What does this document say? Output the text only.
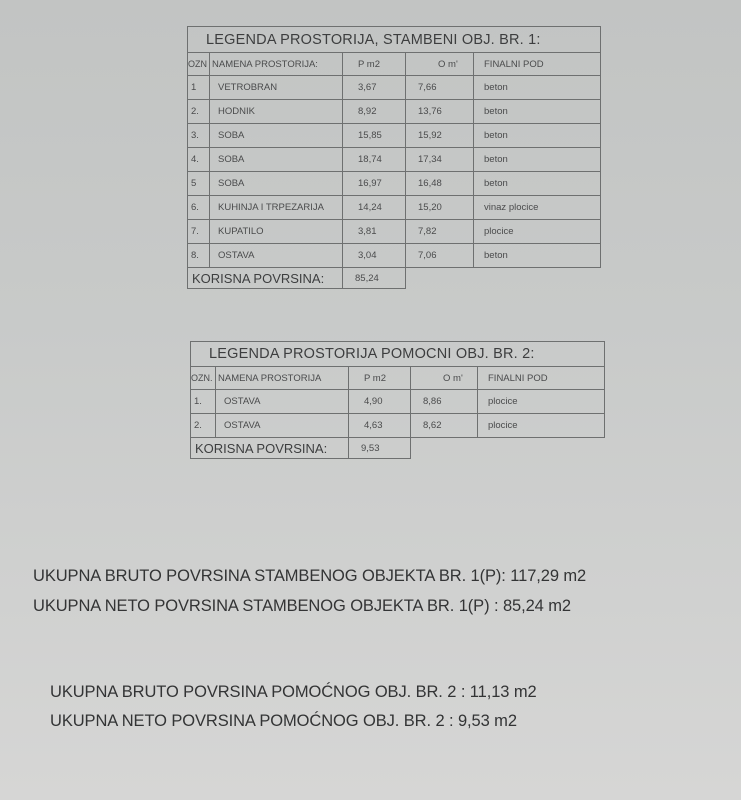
LEGENDA PROSTORIJA, STAMBENI OBJ. BR. 1:				
OZN	NAMENA PROSTORIJA:	P m2	O m'	FINALNI POD
1	VETROBRAN	3,67	7,66	beton
2.	HODNIK	8,92	13,76	beton
3.	SOBA	15,85	15,92	beton
4.	SOBA	18,74	17,34	beton
5	SOBA	16,97	16,48	beton
6.	KUHINJA I TRPEZARIJA	14,24	15,20	vinaz plocice
7.	KUPATILO	3,81	7,82	plocice
8.	OSTAVA	3,04	7,06	beton
KORISNA POVRSINA:		85,24		
LEGENDA PROSTORIJA POMOCNI OBJ. BR. 2:				
OZN.	NAMENA PROSTORIJA	P m2	O m'	FINALNI POD
1.	OSTAVA	4,90	8,86	plocice
2.	OSTAVA	4,63	8,62	plocice
KORISNA POVRSINA:		9,53		
UKUPNA BRUTO POVRSINA STAMBENOG OBJEKTA BR. 1(P): 117,29 m2
UKUPNA NETO POVRSINA STAMBENOG OBJEKTA BR. 1(P) : 85,24 m2
UKUPNA BRUTO POVRSINA POMOĆNOG OBJ. BR. 2 : 11,13 m2
UKUPNA NETO POVRSINA POMOĆNOG OBJ. BR. 2 : 9,53 m2
